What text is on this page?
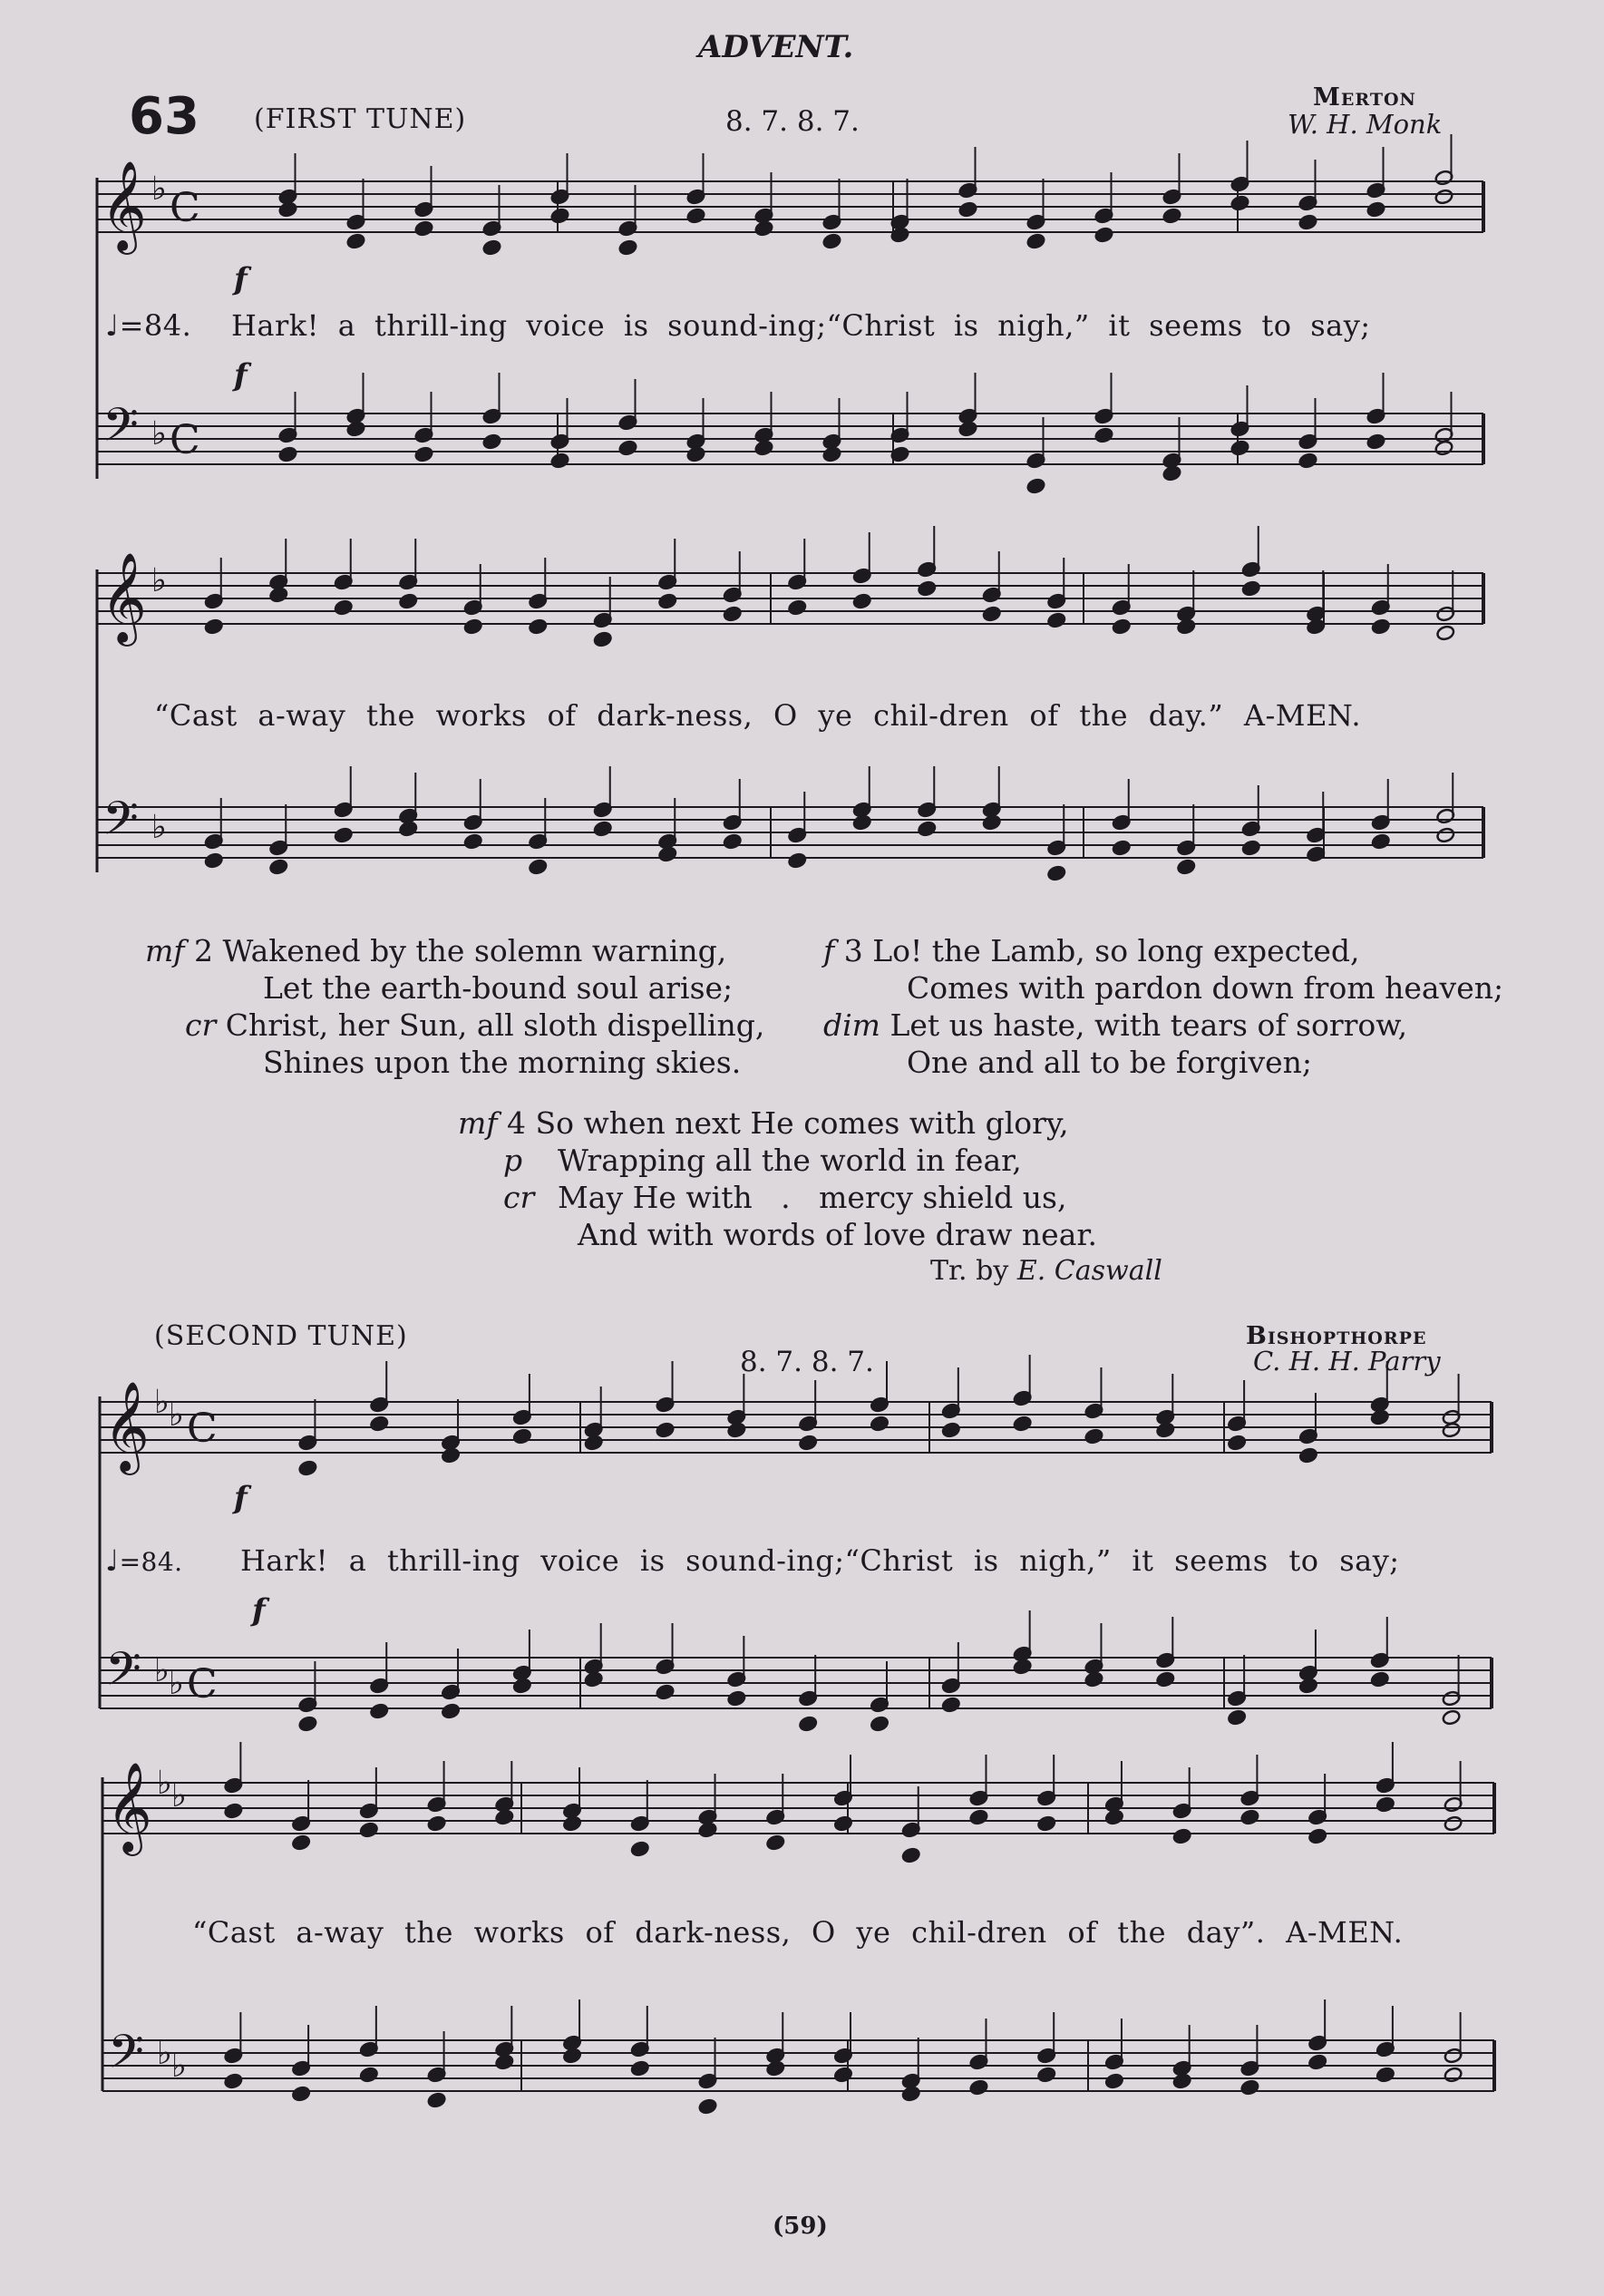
ADVENT.
63 (FIRST TUNE)	8. 7. 8. 7.
Merton
W. H. Monk
𝄞 ♭ C
𝄢 ♭ C
𝄞 ♭
𝄢 ♭
𝄞 ♭ ♭ C
𝄢 ♭ ♭ C
𝄞 ♭ ♭
𝄢 ♭ ♭
f
♩=84. Hark! a thrill-ing voice is sound-ing;“Christ is nigh,” it seems to say;
f
“Cast a-way the works of dark-ness, O ye chil-dren of the day.” A-MEN.
mf 2 Wakened by the solemn warning,
Let the earth-bound soul arise;
cr Christ, her Sun, all sloth dispelling,
Shines upon the morning skies.
f 3 Lo! the Lamb, so long expected,
Comes with pardon down from heaven;
dim Let us haste, with tears of sorrow,
One and all to be forgiven;
mf 4 So when next He comes with glory,
p Wrapping all the world in fear,
cr May He with   .   mercy shield us,
And with words of love draw near.
Tr. by E. Caswall
(SECOND TUNE)
8. 7. 8. 7.
Bishopthorpe
C. H. H. Parry
f
♩=84. Hark! a thrill-ing voice is sound-ing;“Christ is nigh,” it seems to say;
f
“Cast a-way the works of dark-ness, O ye chil-dren of the day”. A-MEN.
(59)
